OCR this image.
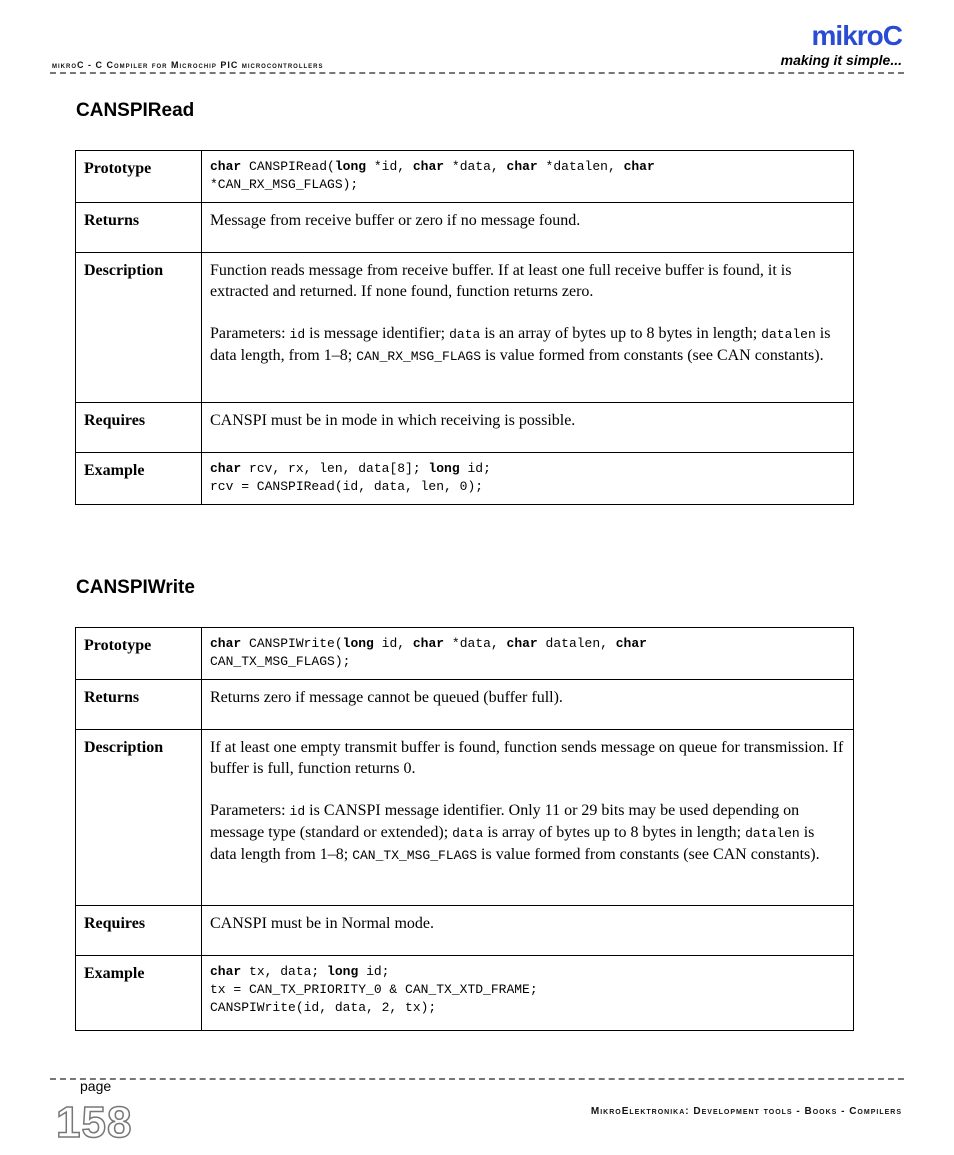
mikroC - C Compiler for Microchip PIC microcontrollers
mikroC
making it simple...
CANSPIRead
Prototype	char CANSPIRead(long *id, char *data, char *datalen, char
*CAN_RX_MSG_FLAGS);
Returns	Message from receive buffer or zero if no message found.
Description	Function reads message from receive buffer. If at least one full receive buffer is found, it is extracted and returned. If none found, function returns zero.

Parameters: id is message identifier; data is an array of bytes up to 8 bytes in length; datalen is data length, from 1–8; CAN_RX_MSG_FLAGS is value formed from constants (see CAN constants).

Requires	CANSPI must be in mode in which receiving is possible.
Example	char rcv, rx, len, data[8]; long id;
rcv = CANSPIRead(id, data, len, 0);
CANSPIWrite
Prototype	char CANSPIWrite(long id, char *data, char datalen, char
CAN_TX_MSG_FLAGS);
Returns	Returns zero if message cannot be queued (buffer full).
Description	If at least one empty transmit buffer is found, function sends message on queue for transmission. If buffer is full, function returns 0.

Parameters: id is CANSPI message identifier. Only 11 or 29 bits may be used depending on message type (standard or extended); data is array of bytes up to 8 bytes in length; datalen is data length from 1–8; CAN_TX_MSG_FLAGS is value formed from constants (see CAN constants).

Requires	CANSPI must be in Normal mode.
Example	char tx, data; long id;
tx = CAN_TX_PRIORITY_0 & CAN_TX_XTD_FRAME;
CANSPIWrite(id, data, 2, tx);
page
158	MikroElektronika: Development tools - Books - Compilers
